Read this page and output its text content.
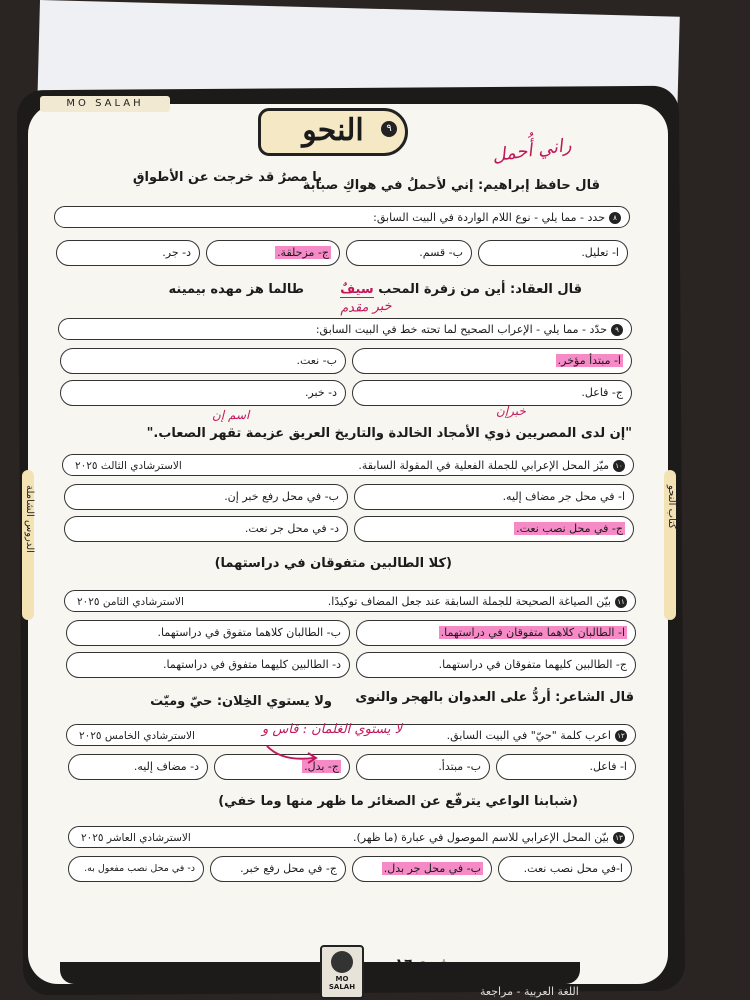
الدروس الشاملة	كتاب النحو
MO SALAH
النحو	٩
راني أُحمل
قال حافظ إبراهيم: إني لأحملُ في هواكِ صبابة
يا مصرُ قد خرجت عن الأطواقِ
٨حدد - مما يلي - نوع اللام الواردة في البيت السابق:
ا- تعليل.
ب- قسم.
ج- مزحلقة.
د- جر.
قال العقاد: أين من زفرة المحب سيفٌ
طالما هز مهده بيمينه
خبر مقدم
٩حدّد - مما يلي - الإعراب الصحيح لما تحته خط في البيت السابق:
ا- مبتدأ مؤخر.
ب- نعت.
ج- فاعل.
د- خبر.
خبرإن
اسم إن
"إن لدى المصريين ذوي الأمجاد الخالدة والتاريخ العريق عزيمة تقهر الصعاب."
١٠ميّز المحل الإعرابي للجملة الفعلية في المقولة السابقة.
الاسترشادي الثالث ٢٠٢٥
ا- في محل جر مضاف إليه.
ب- في محل رفع خبر إن.
ج- في محل نصب نعت.
د- في محل جر نعت.
(كلا الطالبين متفوقان في دراستهما)
١١بيّن الصياغة الصحيحة للجملة السابقة عند جعل المضاف توكيدًا.
الاسترشادي الثامن ٢٠٢٥
ا- الطالبان كلاهما متفوقان في دراستهما.
ب- الطالبان كلاهما متفوق في دراستهما.
ج- الطالبين كليهما متفوقان في دراستهما.
د- الطالبين كليهما متفوق في دراستهما.
قال الشاعر: أردُّ على العدوان بالهجر والنوى
ولا يستوي الخِلان: حيّ وميّت
١٢اعرب كلمة "حيّ" في البيت السابق.
الاسترشادي الخامس ٢٠٢٥	لا يستوي الغلمان : قاس و
ا- فاعل.
ب- مبتدأ.
ج- بدل.
د- مضاف إليه.
(شبابنا الواعي يترفّع عن الصغائر ما ظهر منها وما خفي)
١٣بيّن المحل الإعرابي للاسم الموصول في عبارة (ما ظهر).
الاسترشادي العاشر ٢٠٢٥
ا-في محل نصب نعت.
ب- في محل جر بدل.
ج- في محل رفع خبر.
د- في محل نصب مفعول به.
صفحة ١٦
MO SALAH	اللغة العربية - مراجعة
